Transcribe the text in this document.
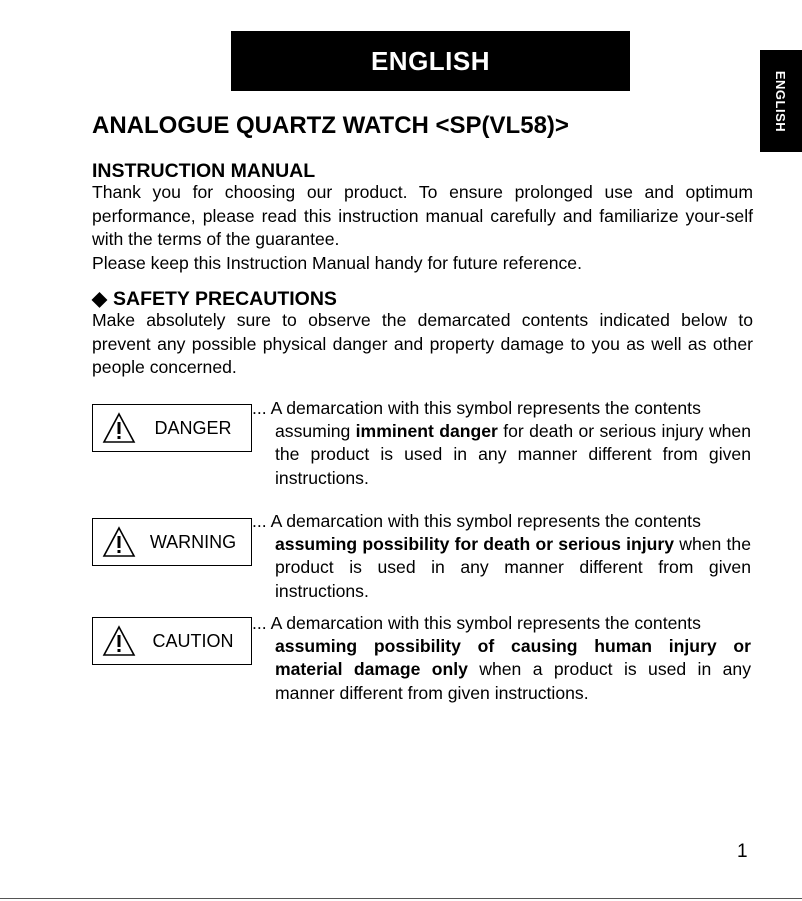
ENGLISH
ENGLISH
ANALOGUE QUARTZ WATCH <SP(VL58)>
INSTRUCTION MANUAL

Thank you for choosing our product. To ensure prolonged use and optimum performance, please read this instruction manual carefully and familiarize your-self with the terms of the guarantee.

Please keep this Instruction Manual handy for future reference.

◆ SAFETY PRECAUTIONS

Make absolutely sure to observe the demarcated contents indicated below to prevent any possible physical danger and property damage to you as well as other people concerned.

DANGER

... A demarcation with this symbol represents the contents
assuming imminent danger for death or serious injury when the product is used in any manner different from given instructions.

WARNING

... A demarcation with this symbol represents the contents
assuming possibility for death or serious injury when the product is used in any manner different from given instructions.

CAUTION

... A demarcation with this symbol represents the contents
assuming possibility of causing human injury or material damage only when a product is used in any manner different from given instructions.

1
